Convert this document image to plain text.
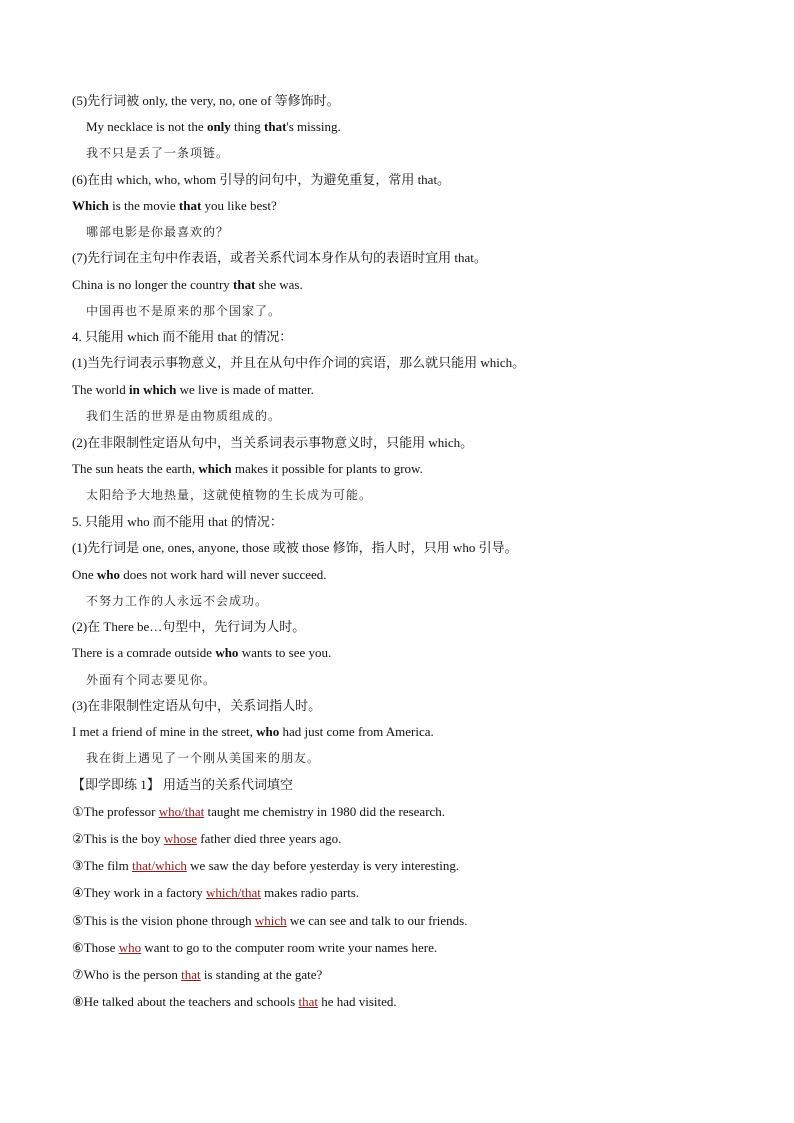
(5)先行词被 only, the very, no, one of 等修饰时。
My necklace is not the only thing that's missing.
我不只是丢了一条项链。
(6)在由 which, who, whom 引导的问句中，为避免重复，常用 that。
Which is the movie that you like best?
哪部电影是你最喜欢的？
(7)先行词在主句中作表语，或者关系代词本身作从句的表语时宜用 that。
China is no longer the country that she was.
中国再也不是原来的那个国家了。
4. 只能用 which 而不能用 that 的情况：
(1)当先行词表示事物意义，并且在从句中作介词的宾语，那么就只能用 which。
The world in which we live is made of matter.
我们生活的世界是由物质组成的。
(2)在非限制性定语从句中，当关系词表示事物意义时，只能用 which。
The sun heats the earth, which makes it possible for plants to grow.
太阳给予大地热量，这就使植物的生长成为可能。
5. 只能用 who 而不能用 that 的情况：
(1)先行词是 one, ones, anyone, those 或被 those 修饰，指人时，只用 who 引导。
One who does not work hard will never succeed.
不努力工作的人永远不会成功。
(2)在 There be…句型中，先行词为人时。
There is a comrade outside who wants to see you.
外面有个同志要见你。
(3)在非限制性定语从句中，关系词指人时。
I met a friend of mine in the street, who had just come from America.
我在街上遇见了一个刚从美国来的朋友。
【即学即练 1】 用适当的关系代词填空
①The professor who/that taught me chemistry in 1980 did the research.
②This is the boy whose father died three years ago.
③The film that/which we saw the day before yesterday is very interesting.
④They work in a factory which/that makes radio parts.
⑤This is the vision phone through which we can see and talk to our friends.
⑥Those who want to go to the computer room write your names here.
⑦Who is the person that is standing at the gate?
⑧He talked about the teachers and schools that he had visited.
